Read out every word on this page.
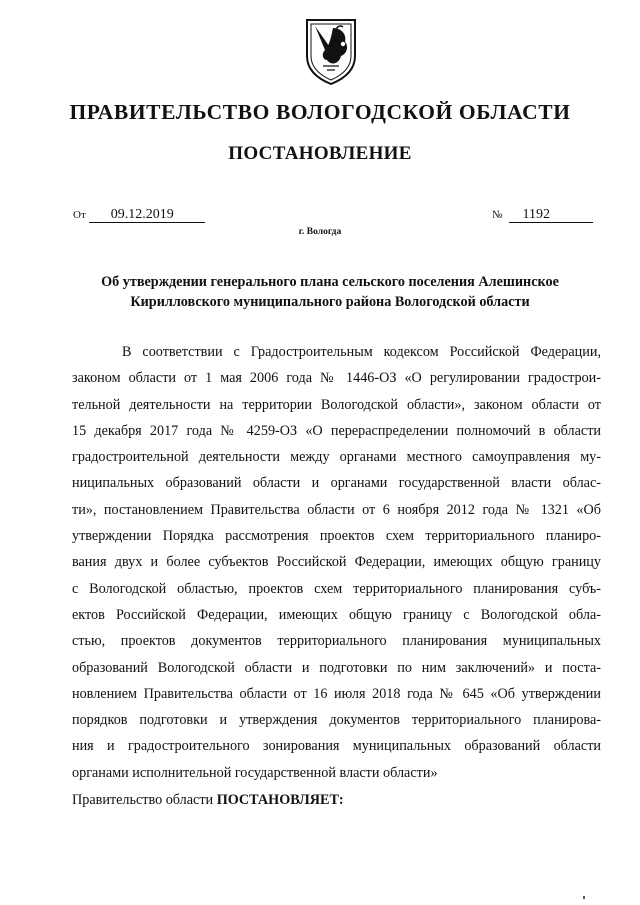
ПРАВИТЕЛЬСТВО ВОЛОГОДСКОЙ ОБЛАСТИ
ПОСТАНОВЛЕНИЕ
От 09.12.2019	№ 1192
г. Вологда
Об утверждении генерального плана сельского поселения Алешинское
Кирилловского муниципального района Вологодской области
В соответствии с Градостроительным кодексом Российской Федерации,
законом области от 1 мая 2006 года № 1446-ОЗ «О регулировании градострои-
тельной деятельности на территории Вологодской области», законом области от
15 декабря 2017 года № 4259-ОЗ «О перераспределении полномочий в области
градостроительной деятельности между органами местного самоуправления му-
ниципальных образований области и органами государственной власти облас-
ти», постановлением Правительства области от 6 ноября 2012 года № 1321 «Об
утверждении Порядка рассмотрения проектов схем территориального планиро-
вания двух и более субъектов Российской Федерации, имеющих общую границу
с Вологодской областью, проектов схем территориального планирования субъ-
ектов Российской Федерации, имеющих общую границу с Вологодской обла-
стью, проектов документов территориального планирования муниципальных
образований Вологодской области и подготовки по ним заключений» и поста-
новлением Правительства области от 16 июля 2018 года № 645 «Об утверждении
порядков подготовки и утверждения документов территориального планирова-
ния и градостроительного зонирования муниципальных образований области
органами исполнительной государственной власти области»
Правительство области ПОСТАНОВЛЯЕТ:
